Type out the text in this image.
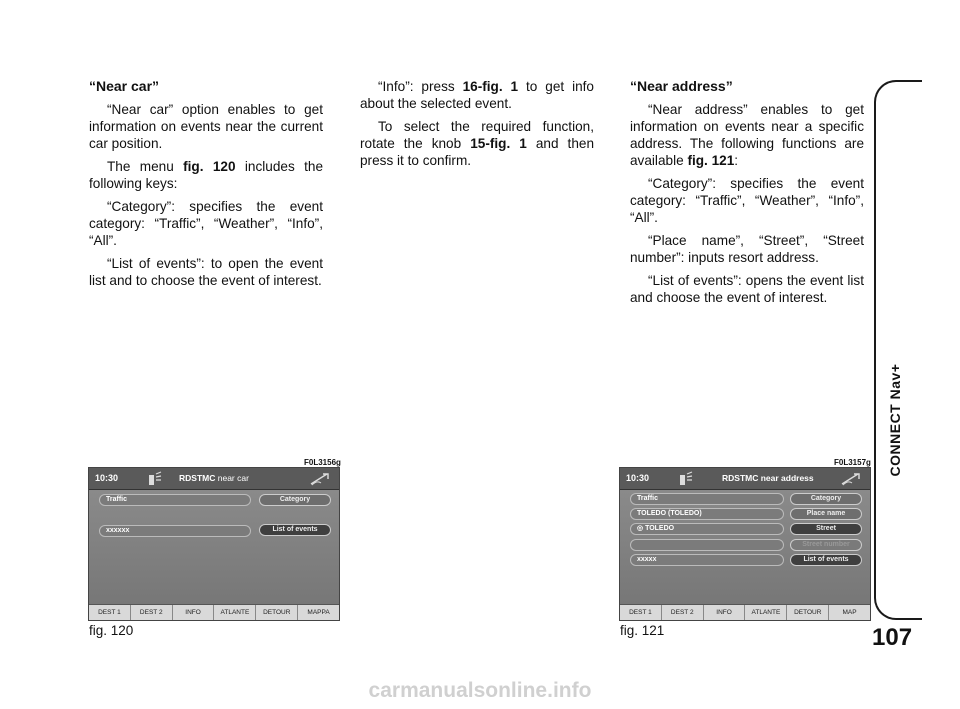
“Near car”

“Near car” option enables to get information on events near the current car position.

The menu fig. 120 includes the following keys:

“Category”: specifies the event category: “Traffic”, “Weather”, “Info”, “All”.

“List of events”: to open the event list and to choose the event of interest.

“Info”: press 16-fig. 1 to get info about the selected event.

To select the required function, rotate the knob 15-fig. 1 and then press it to confirm.

“Near address”

“Near address” enables to get information on events near a specific address. The following functions are available fig. 121:

“Category”: specifies the event category: “Traffic”, “Weather”, “Info”, “All”.

“Place name”, “Street”, “Street number”: inputs resort address.

“List of events”: opens the event list and choose the event of interest.

CONNECT Nav+
107
F0L3156g
10:30	RDSTMC near car
Traffic	Category
xxxxxx	List of events
DEST 1	DEST 2	INFO	ATLANTE	DETOUR	MAPPA
fig. 120
F0L3157g
10:30	RDSTMC near address
Traffic
TOLEDO (TOLEDO)
◎ TOLEDO
xxxxx
Category
Place name
Street
Street number
List of events
DEST 1	DEST 2	INFO	ATLANTE	DETOUR	MAP
fig. 121
carmanualsonline.info
